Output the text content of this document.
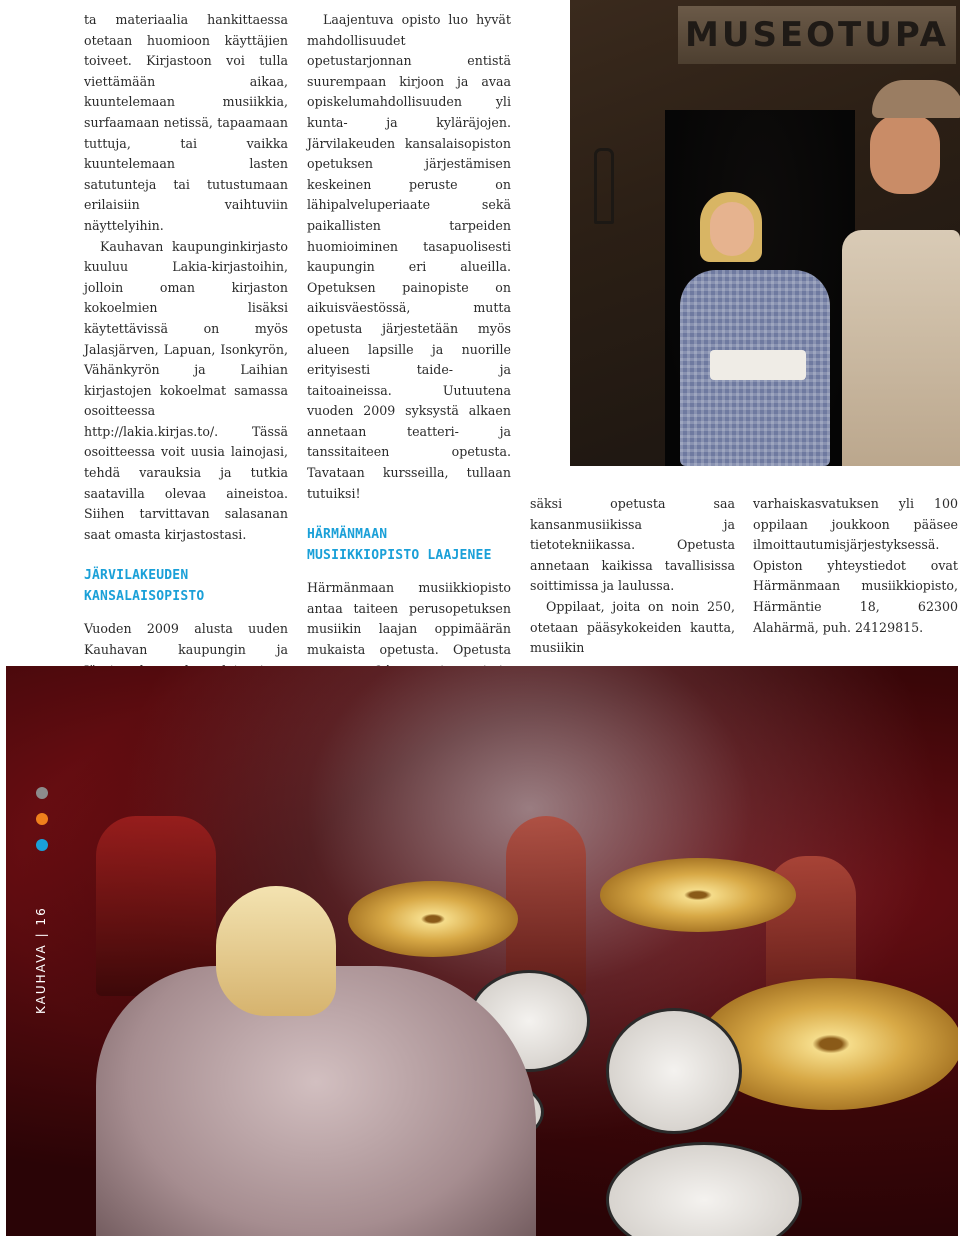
ta materiaalia hankittaessa otetaan huomioon käyttäjien toiveet. Kirjastoon voi tulla viettämään aikaa, kuuntelemaan musiikkia, surfaamaan netissä, tapaamaan tuttuja, tai vaikka kuuntelemaan lasten satutunteja tai tutustumaan erilaisiin vaihtuviin näyttelyihin.

Kauhavan kaupunginkirjasto kuuluu Lakia-kirjastoihin, jolloin oman kirjaston kokoelmien lisäksi käytettävissä on myös Jalasjärven, Lapuan, Isonkyrön, Vähänkyrön ja Laihian kirjastojen kokoelmat samassa osoitteessa http://lakia.kirjas.to/. Tässä osoitteessa voit uusia lainojasi, tehdä varauksia ja tutkia saatavilla olevaa aineistoa. Siihen tarvittavan salasanan saat omasta kirjastostasi.

JÄRVILAKEUDEN
KANSALAISOPISTO

Vuoden 2009 alusta uuden Kauhavan kaupungin ja

Laajentuva opisto luo hyvät mahdollisuudet opetustarjonnan entistä suurempaan kirjoon ja avaa opiskelumahdollisuuden yli kunta- ja kyläräjojen. Järvilakeuden kansalaisopiston opetuksen järjestämisen keskeinen peruste on lähipalveluperiaate sekä paikallisten tarpeiden huomioiminen tasapuolisesti kaupungin eri alueilla. Opetuksen painopiste on aikuisväestössä, mutta opetusta järjestetään myös alueen lapsille ja nuorille erityisesti taide- ja taitoaineissa. Uutuutena vuoden 2009 syksystä alkaen annetaan teatteri- ja tanssitaiteen opetusta. Tavataan kursseilla, tullaan tutuiksi!

HÄRMÄNMAAN
MUSIIKKIOPISTO LAAJENEE

Härmänmaan musiikkiopisto antaa taiteen perusopetuksen musiikin laajan oppimäärän mukaista opetusta. Opetusta

säksi opetusta saa kansanmusiikissa ja tietotekniikassa. Opetusta annetaan kaikissa tavallisissa soittimissa ja laulussa.

Oppilaat, joita on noin 250, otetaan pääsykokeiden kautta, musiikin

varhaiskasvatuksen yli 100 oppilaan joukkoon pääsee ilmoittautumisjärjestyksessä. Opiston yhteystiedot ovat Härmänmaan musiikkiopisto, Härmäntie 18, 62300 Alahärmä, puh. 24129815.

MUSEOTUPA
KAUHAVA | 16
